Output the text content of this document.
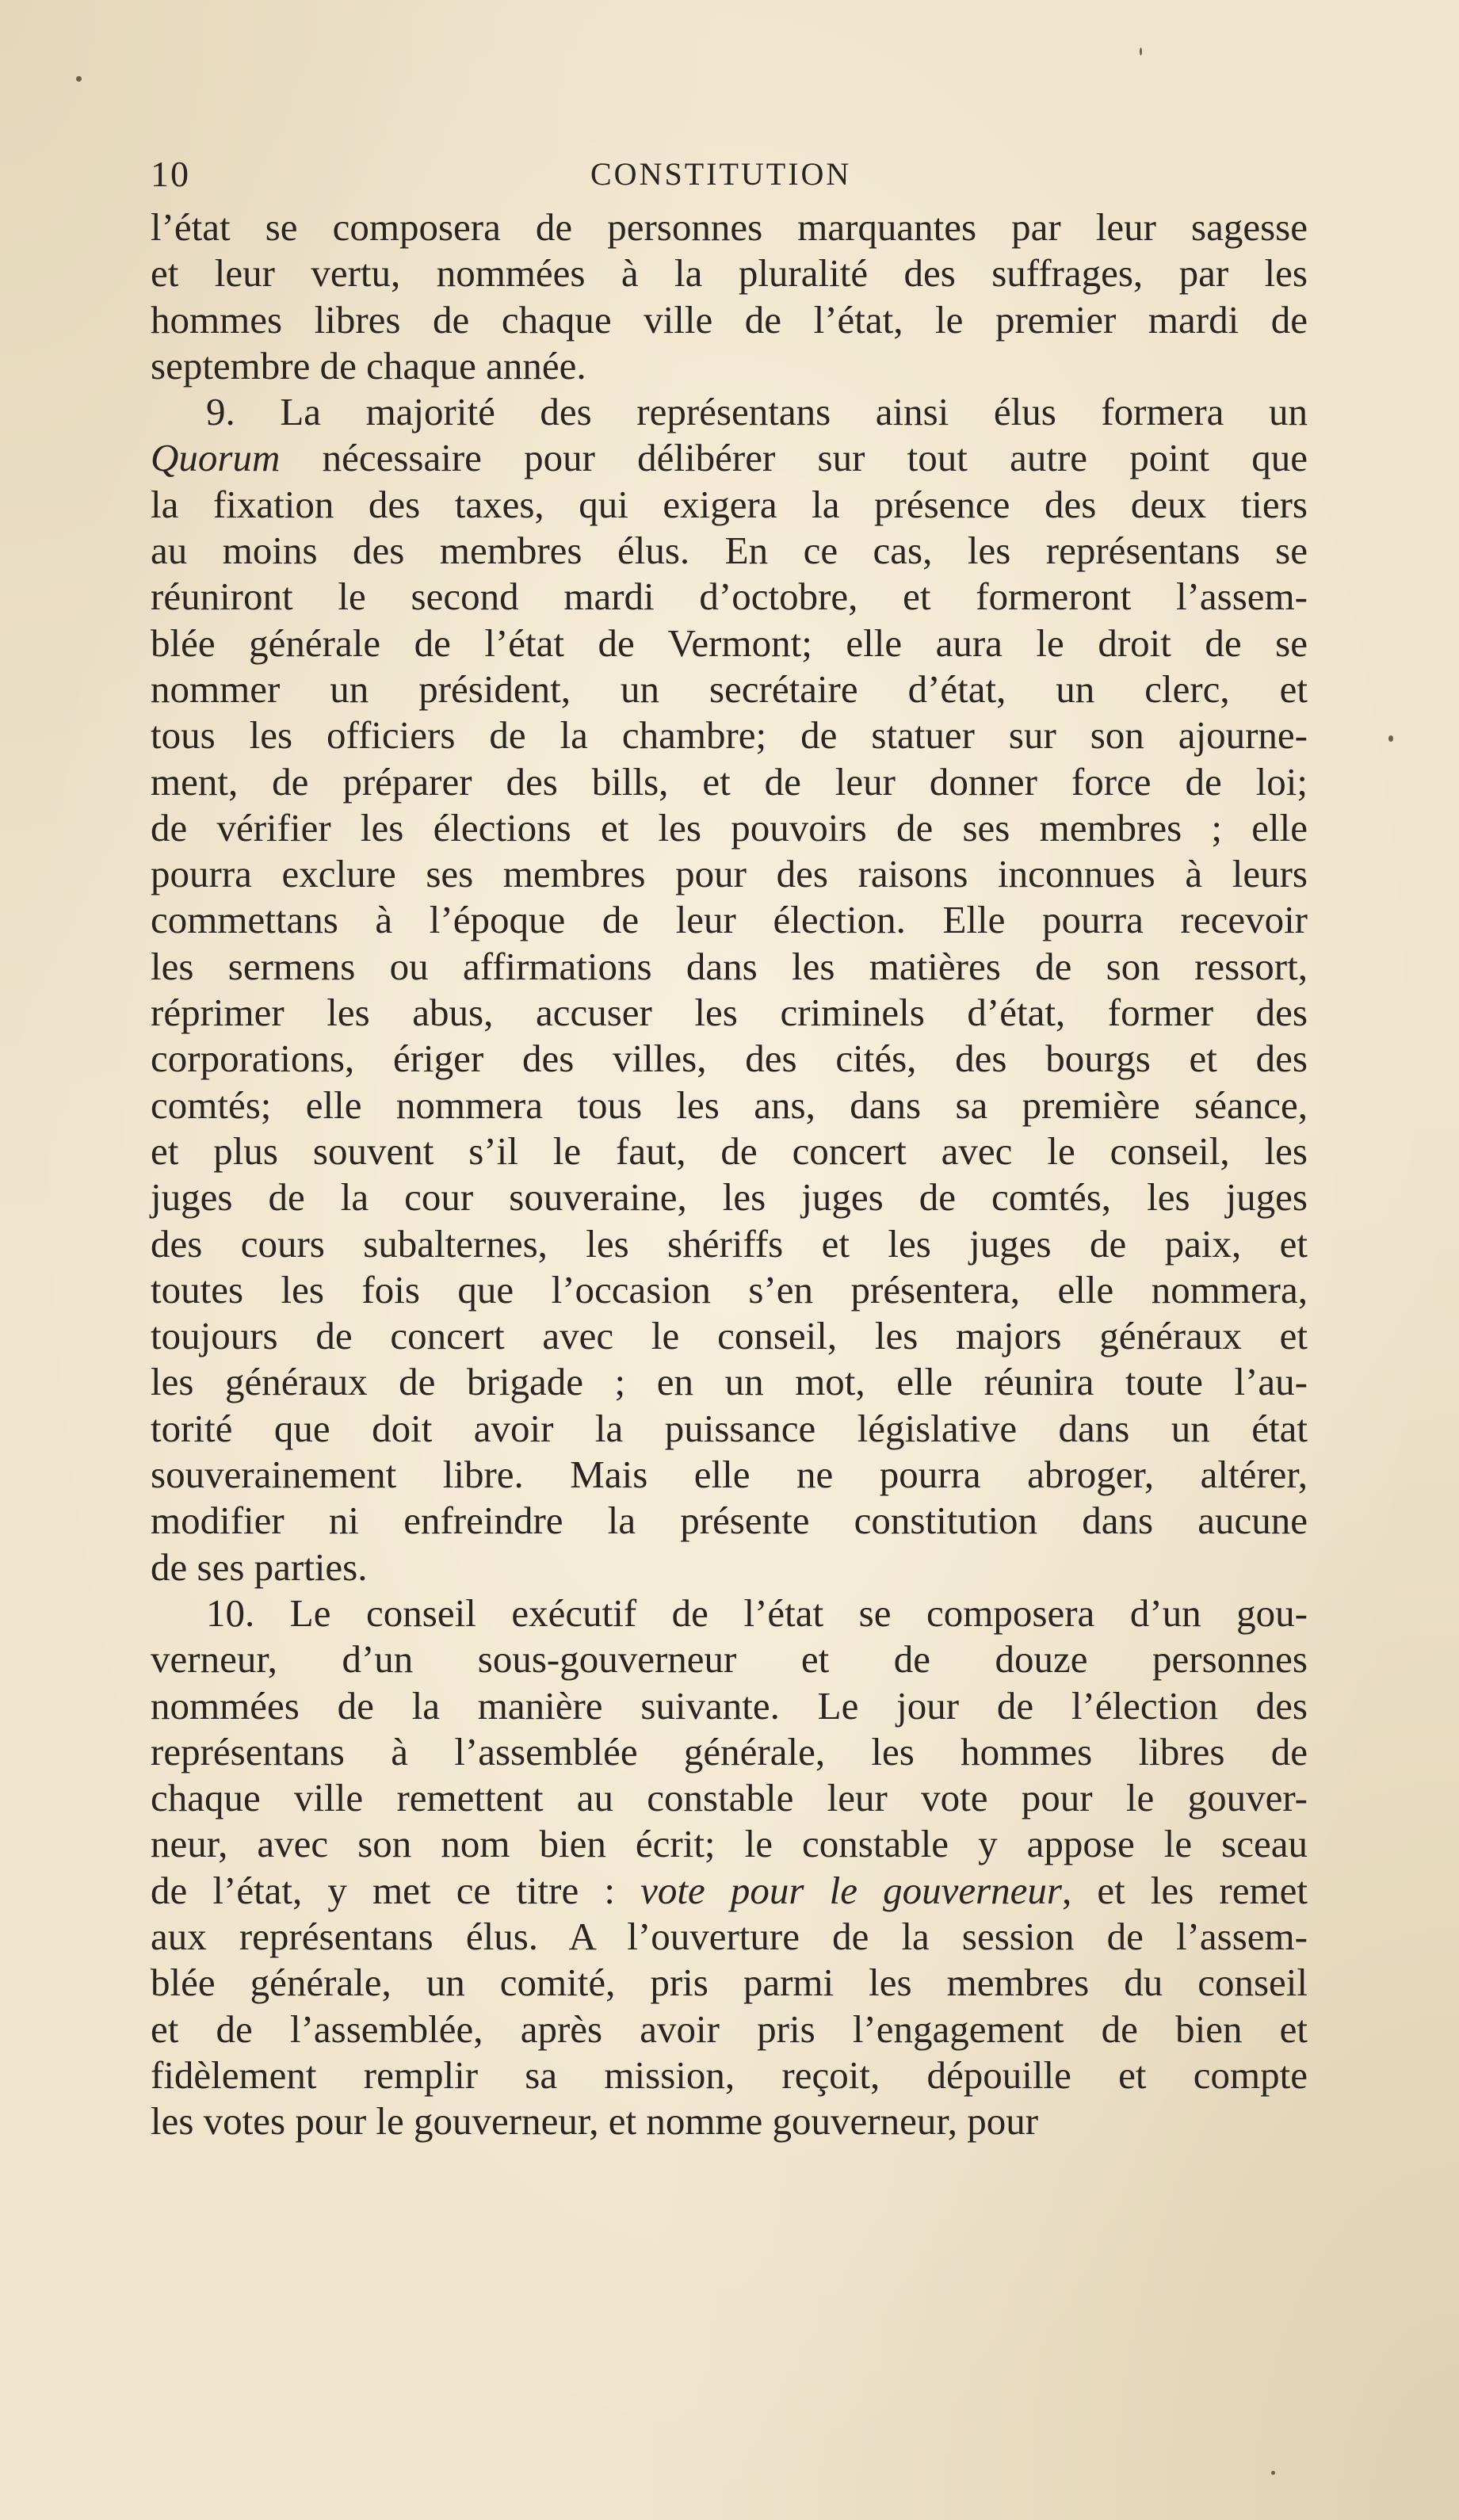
10	CONSTITUTION
l’état se composera de personnes marquantes par leur sagesse
et leur vertu, nommées à la pluralité des suffrages, par les
hommes libres de chaque ville de l’état, le premier mardi de
septembre de chaque année.
9. La majorité des représentans ainsi élus formera un
Quorum nécessaire pour délibérer sur tout autre point que
la fixation des taxes, qui exigera la présence des deux tiers
au moins des membres élus. En ce cas, les représentans se
réuniront le second mardi d’octobre, et formeront l’assem-
blée générale de l’état de Vermont; elle aura le droit de se
nommer un président, un secrétaire d’état, un clerc, et
tous les officiers de la chambre; de statuer sur son ajourne-
ment, de préparer des bills, et de leur donner force de loi;
de vérifier les élections et les pouvoirs de ses membres ; elle
pourra exclure ses membres pour des raisons inconnues à leurs
commettans à l’époque de leur élection. Elle pourra recevoir
les sermens ou affirmations dans les matières de son ressort,
réprimer les abus, accuser les criminels d’état, former des
corporations, ériger des villes, des cités, des bourgs et des
comtés; elle nommera tous les ans, dans sa première séance,
et plus souvent s’il le faut, de concert avec le conseil, les
juges de la cour souveraine, les juges de comtés, les juges
des cours subalternes, les shériffs et les juges de paix, et
toutes les fois que l’occasion s’en présentera, elle nommera,
toujours de concert avec le conseil, les majors généraux et
les généraux de brigade ; en un mot, elle réunira toute l’au-
torité que doit avoir la puissance législative dans un état
souverainement libre. Mais elle ne pourra abroger, altérer,
modifier ni enfreindre la présente constitution dans aucune
de ses parties.
10. Le conseil exécutif de l’état se composera d’un gou-
verneur, d’un sous-gouverneur et de douze personnes
nommées de la manière suivante. Le jour de l’élection des
représentans à l’assemblée générale, les hommes libres de
chaque ville remettent au constable leur vote pour le gouver-
neur, avec son nom bien écrit; le constable y appose le sceau
de l’état, y met ce titre : vote pour le gouverneur, et les remet
aux représentans élus. A l’ouverture de la session de l’assem-
blée générale, un comité, pris parmi les membres du conseil
et de l’assemblée, après avoir pris l’engagement de bien et
fidèlement remplir sa mission, reçoit, dépouille et compte
les votes pour le gouverneur, et nomme gouverneur, pour
